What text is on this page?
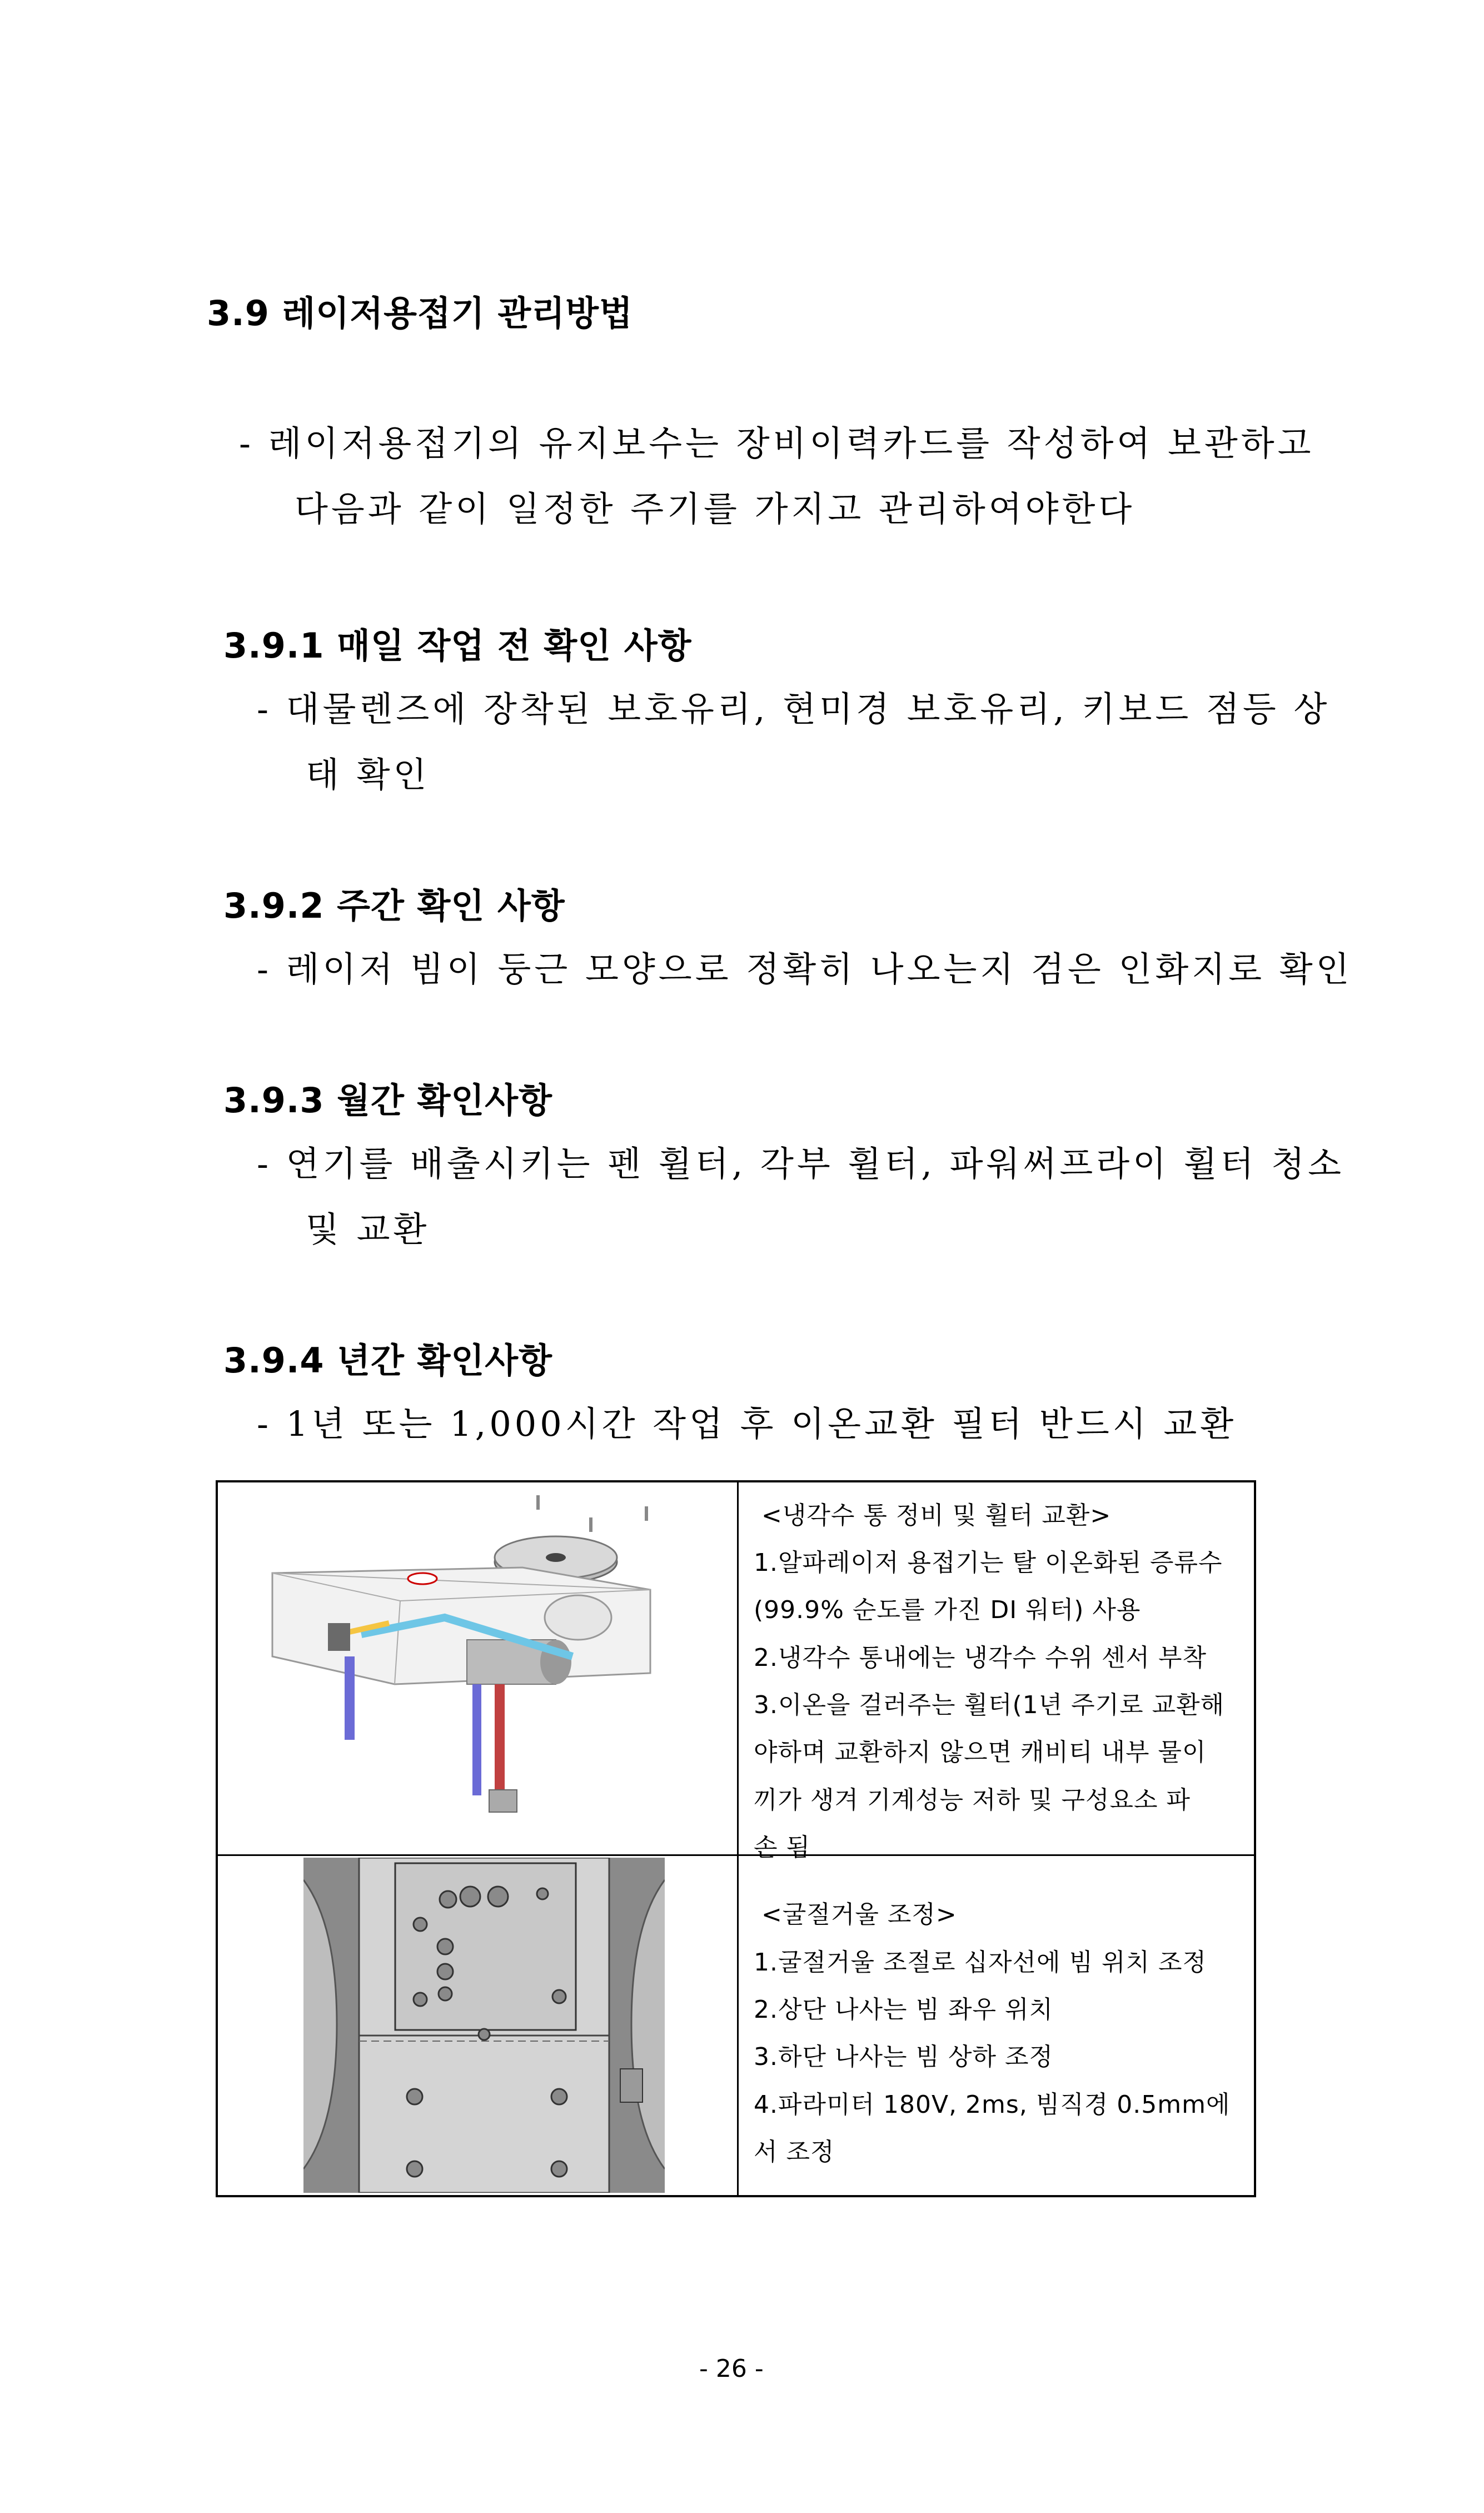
3.9 레이저용접기 관리방법
- 레이저용접기의 유지보수는 장비이력카드를 작성하여 보관하고
다음과 같이 일정한 주기를 가지고 관리하여야한다
3.9.1 매일 작업 전 확인 사항
- 대물렌즈에 장착된 보호유리, 현미경 보호유리, 키보드 점등 상
태 확인
3.9.2 주간 확인 사항
- 레이저 빔이 둥근 모양으로 정확히 나오는지 검은 인화지로 확인
3.9.3 월간 확인사항
- 연기를 배출시키는 펜 휠터, 각부 휠터, 파워써프라이 휠터 청소
및 교환
3.9.4 년간 확인사항
- 1년 또는 1,000시간 작업 후 이온교환 필터 반드시 교환
<냉각수 통 정비 및 휠터 교환>
1.알파레이저 용접기는 탈 이온화된 증류수
(99.9% 순도를 가진 DI 워터) 사용
2.냉각수 통내에는 냉각수 수위 센서 부착
3.이온을 걸러주는 휠터(1년 주기로 교환해
야하며 교환하지 않으면 캐비티 내부 물이
끼가 생겨 기계성능 저하 및 구성요소 파
손 됨
<굴절거울 조정>
1.굴절거울 조절로 십자선에 빔 위치 조정
2.상단 나사는 빔 좌우 위치
3.하단 나사는 빔 상하 조정
4.파라미터 180V, 2ms, 빔직경 0.5mm에
서 조정
- 26 -
